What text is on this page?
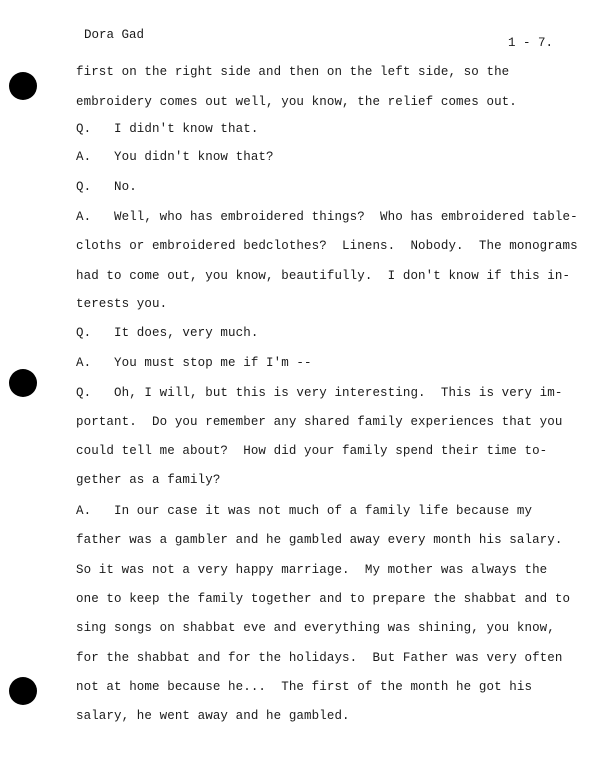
Dora Gad
1 - 7.
first on the right side and then on the left side, so the
embroidery comes out well, you know, the relief comes out.
Q.   I didn't know that.
A.   You didn't know that?
Q.   No.
A.   Well, who has embroidered things?  Who has embroidered table-
cloths or embroidered bedclothes?  Linens.  Nobody.  The monograms
had to come out, you know, beautifully.  I don't know if this in-
terests you.
Q.   It does, very much.
A.   You must stop me if I'm --
Q.   Oh, I will, but this is very interesting.  This is very im-
portant.  Do you remember any shared family experiences that you
could tell me about?  How did your family spend their time to-
gether as a family?
A.   In our case it was not much of a family life because my
father was a gambler and he gambled away every month his salary.
So it was not a very happy marriage.  My mother was always the
one to keep the family together and to prepare the shabbat and to
sing songs on shabbat eve and everything was shining, you know,
for the shabbat and for the holidays.  But Father was very often
not at home because he...  The first of the month he got his
salary, he went away and he gambled.
